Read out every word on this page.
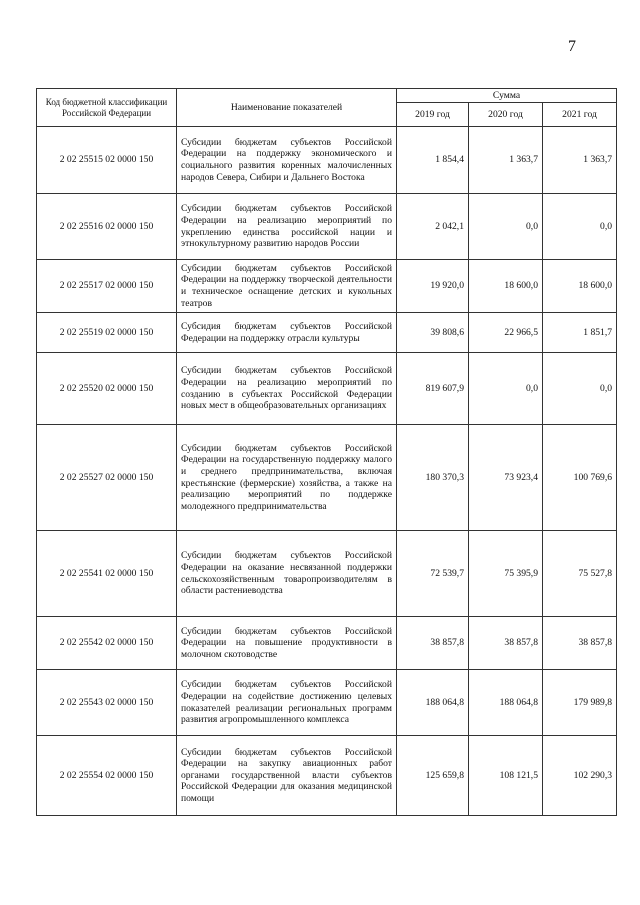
7
Код бюджетной классификации Российской Федерации	Наименование показателей	Сумма		
		2019 год	2020 год	2021 год
2 02 25515 02 0000 150	Субсидии бюджетам субъектов Российской Федерации на поддержку экономического и социального развития коренных малочисленных народов Севера, Сибири и Дальнего Востока	1 854,4	1 363,7	1 363,7
2 02 25516 02 0000 150	Субсидии бюджетам субъектов Российской Федерации на реализацию мероприятий по укреплению единства российской нации и этнокультурному развитию народов России	2 042,1	0,0	0,0
2 02 25517 02 0000 150	Субсидии бюджетам субъектов Российской Федерации на поддержку творческой деятельности и техническое оснащение детских и кукольных театров	19 920,0	18 600,0	18 600,0
2 02 25519 02 0000 150	Субсидия бюджетам субъектов Российской Федерации на поддержку отрасли культуры	39 808,6	22 966,5	1 851,7
2 02 25520 02 0000 150	Субсидии бюджетам субъектов Российской Федерации на реализацию мероприятий по созданию в субъектах Российской Федерации новых мест в общеобразовательных организациях	819 607,9	0,0	0,0
2 02 25527 02 0000 150	Субсидии бюджетам субъектов Российской Федерации на государственную поддержку малого и среднего предпринимательства, включая крестьянские (фермерские) хозяйства, а также на реализацию мероприятий по поддержке молодежного предпринимательства	180 370,3	73 923,4	100 769,6
2 02 25541 02 0000 150	Субсидии бюджетам субъектов Российской Федерации на оказание несвязанной поддержки сельскохозяйственным товаропроизводителям в области растениеводства	72 539,7	75 395,9	75 527,8
2 02 25542 02 0000 150	Субсидии бюджетам субъектов Российской Федерации на повышение продуктивности в молочном скотоводстве	38 857,8	38 857,8	38 857,8
2 02 25543 02 0000 150	Субсидии бюджетам субъектов Российской Федерации на содействие достижению целевых показателей реализации региональных программ развития агропромышленного комплекса	188 064,8	188 064,8	179 989,8
2 02 25554 02 0000 150	Субсидии бюджетам субъектов Российской Федерации на закупку авиационных работ органами государственной власти субъектов Российской Федерации для оказания медицинской помощи	125 659,8	108 121,5	102 290,3
